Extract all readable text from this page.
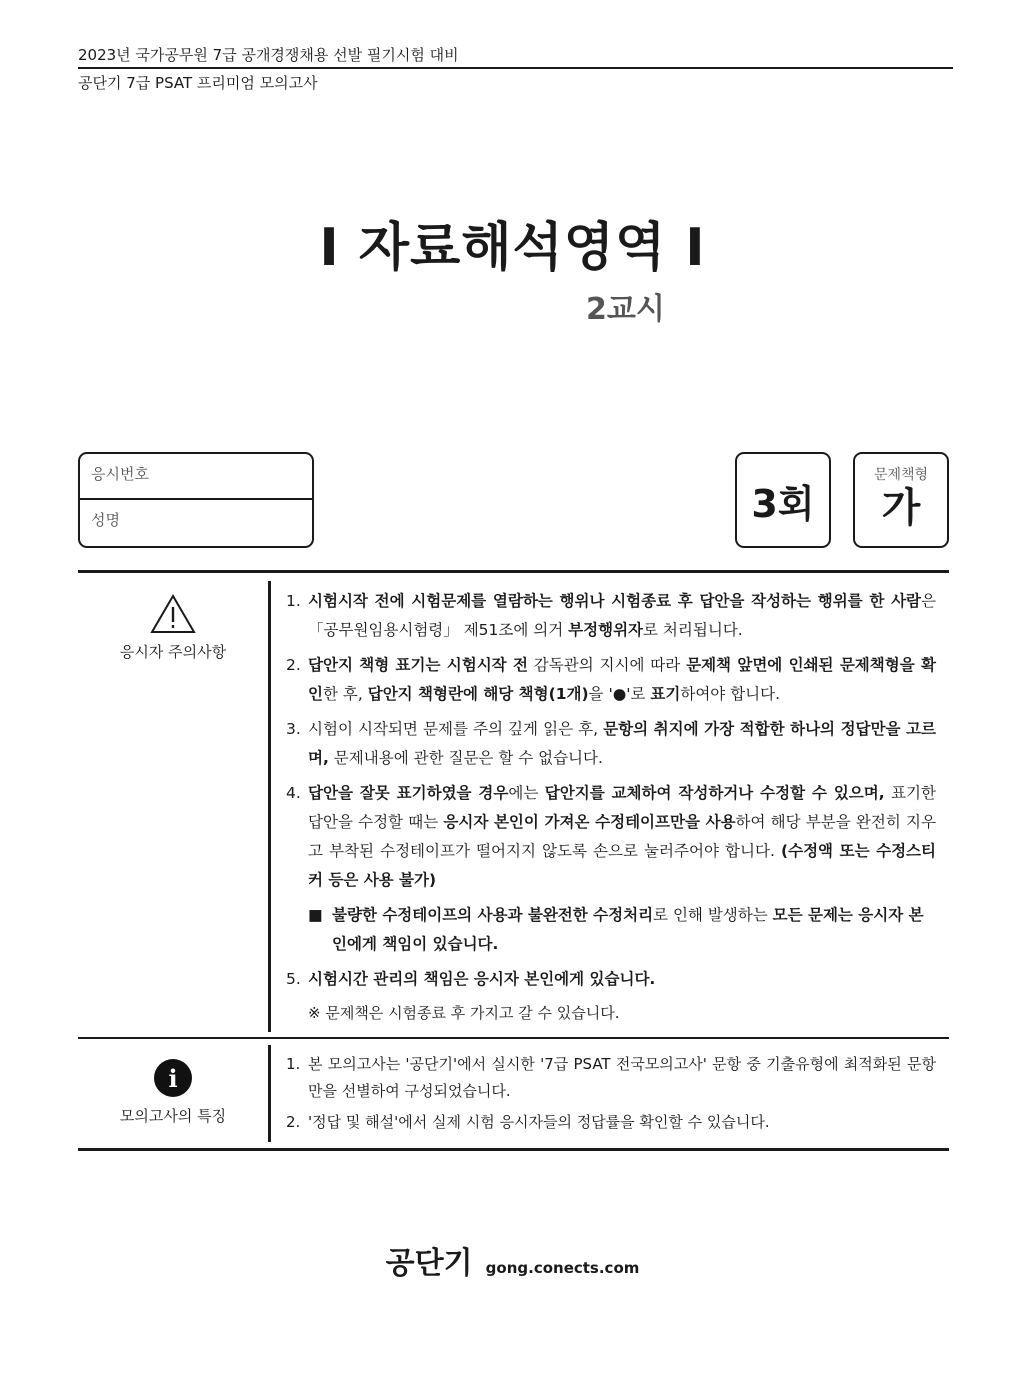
2023년 국가공무원 7급 공개경쟁채용 선발 필기시험 대비
공단기 7급 PSAT 프리미엄 모의고사
I 자료해석영역 I
2교시
응시번호
성명	3회
문제책형
가
응시자 주의사항
1. 시험시작 전에 시험문제를 열람하는 행위나 시험종료 후 답안을 작성하는 행위를 한 사람은 「공무원임용시험령」 제51조에 의거 부정행위자로 처리됩니다.
2. 답안지 책형 표기는 시험시작 전 감독관의 지시에 따라 문제책 앞면에 인쇄된 문제책형을 확인한 후, 답안지 책형란에 해당 책형(1개)을 '●'로 표기하여야 합니다.
3. 시험이 시작되면 문제를 주의 깊게 읽은 후, 문항의 취지에 가장 적합한 하나의 정답만을 고르며, 문제내용에 관한 질문은 할 수 없습니다.
4. 답안을 잘못 표기하였을 경우에는 답안지를 교체하여 작성하거나 수정할 수 있으며, 표기한 답안을 수정할 때는 응시자 본인이 가져온 수정테이프만을 사용하여 해당 부분을 완전히 지우고 부착된 수정테이프가 떨어지지 않도록 손으로 눌러주어야 합니다. (수정액 또는 수정스티커 등은 사용 불가)
■ 불량한 수정테이프의 사용과 불완전한 수정처리로 인해 발생하는 모든 문제는 응시자 본인에게 책임이 있습니다.
5. 시험시간 관리의 책임은 응시자 본인에게 있습니다.
※ 문제책은 시험종료 후 가지고 갈 수 있습니다.
i
모의고사의 특징
1. 본 모의고사는 '공단기'에서 실시한 '7급 PSAT 전국모의고사' 문항 중 기출유형에 최적화된 문항만을 선별하여 구성되었습니다.
2. '정답 및 해설'에서 실제 시험 응시자들의 정답률을 확인할 수 있습니다.
공단기 gong.conects.com
